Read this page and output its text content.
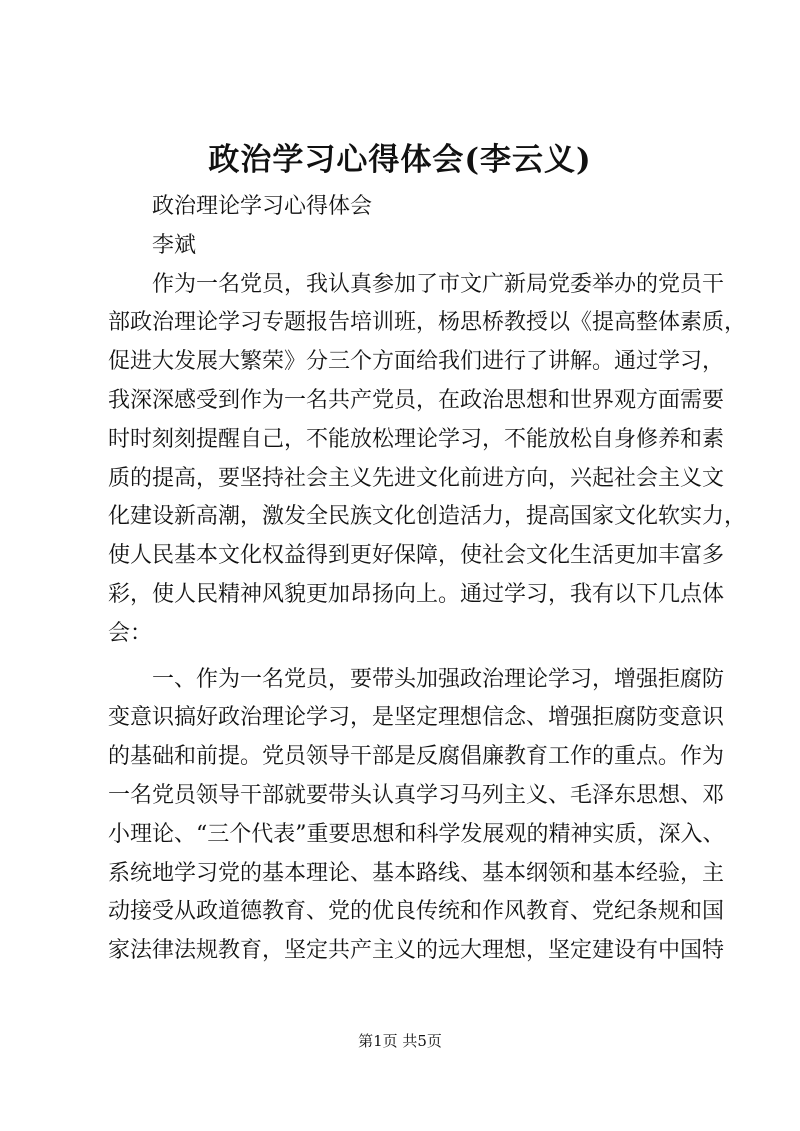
政治学习心得体会(李云义)
政治理论学习心得体会
李斌
作为一名党员，我认真参加了市文广新局党委举办的党员干
部政治理论学习专题报告培训班，杨思桥教授以《提高整体素质，
促进大发展大繁荣》分三个方面给我们进行了讲解。通过学习，
我深深感受到作为一名共产党员，在政治思想和世界观方面需要
时时刻刻提醒自己，不能放松理论学习，不能放松自身修养和素
质的提高，要坚持社会主义先进文化前进方向，兴起社会主义文
化建设新高潮，激发全民族文化创造活力，提高国家文化软实力，
使人民基本文化权益得到更好保障，使社会文化生活更加丰富多
彩，使人民精神风貌更加昂扬向上。通过学习，我有以下几点体
会：
一、作为一名党员，要带头加强政治理论学习，增强拒腐防
变意识搞好政治理论学习，是坚定理想信念、增强拒腐防变意识
的基础和前提。党员领导干部是反腐倡廉教育工作的重点。作为
一名党员领导干部就要带头认真学习马列主义、毛泽东思想、邓
小理论、“三个代表”重要思想和科学发展观的精神实质，深入、
系统地学习党的基本理论、基本路线、基本纲领和基本经验，主
动接受从政道德教育、党的优良传统和作风教育、党纪条规和国
家法律法规教育，坚定共产主义的远大理想，坚定建设有中国特
第1页 共5页
